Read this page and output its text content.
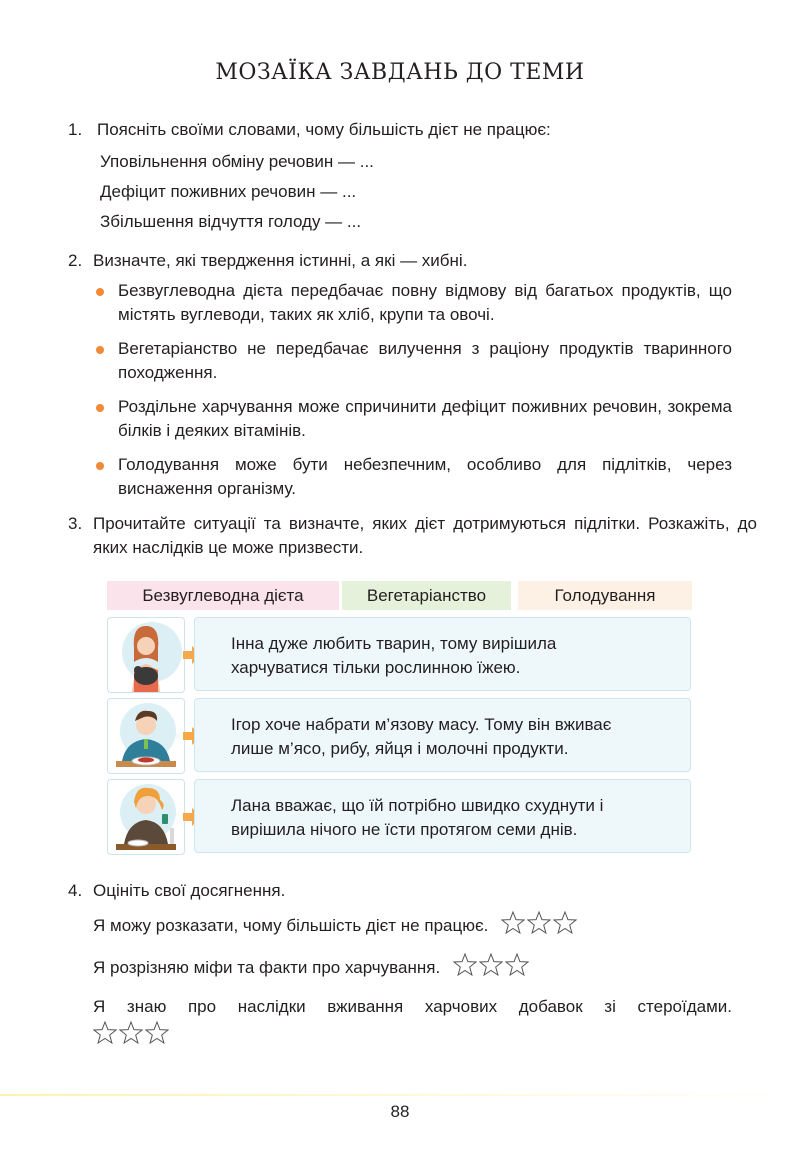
МОЗАЇКА ЗАВДАНЬ ДО ТЕМИ
1. Поясніть своїми словами, чому більшість дієт не працює:
Уповільнення обміну речовин — ...
Дефіцит поживних речовин — ...
Збільшення відчуття голоду — ...
2. Визначте, які твердження істинні, а які — хибні.
Безвуглеводна дієта передбачає повну відмову від багатьох продуктів, що містять вуглеводи, таких як хліб, крупи та овочі.
Вегетаріанство не передбачає вилучення з раціону продуктів тваринного походження.
Роздільне харчування може спричинити дефіцит поживних речовин, зокрема білків і деяких вітамінів.
Голодування може бути небезпечним, особливо для підлітків, через виснаження організму.
3. Прочитайте ситуації та визначте, яких дієт дотримуються підлітки. Розкажіть, до яких наслідків це може призвести.
Безвуглеводна дієта	Вегетаріанство	Голодування
Інна дуже любить тварин, тому вирішила
харчуватися тільки рослинною їжею.
Ігор хоче набрати м’язову масу. Тому він вживає
лише м’ясо, рибу, яйця і молочні продукти.
Лана вважає, що їй потрібно швидко схуднути і
вирішила нічого не їсти протягом семи днів.
4. Оцініть свої досягнення.

Я можу розказати, чому більшість дієт не працює.

Я розрізняю міфи та факти про харчування.

Я знаю про наслідки вживання харчових добавок зі стероїдами.

88
